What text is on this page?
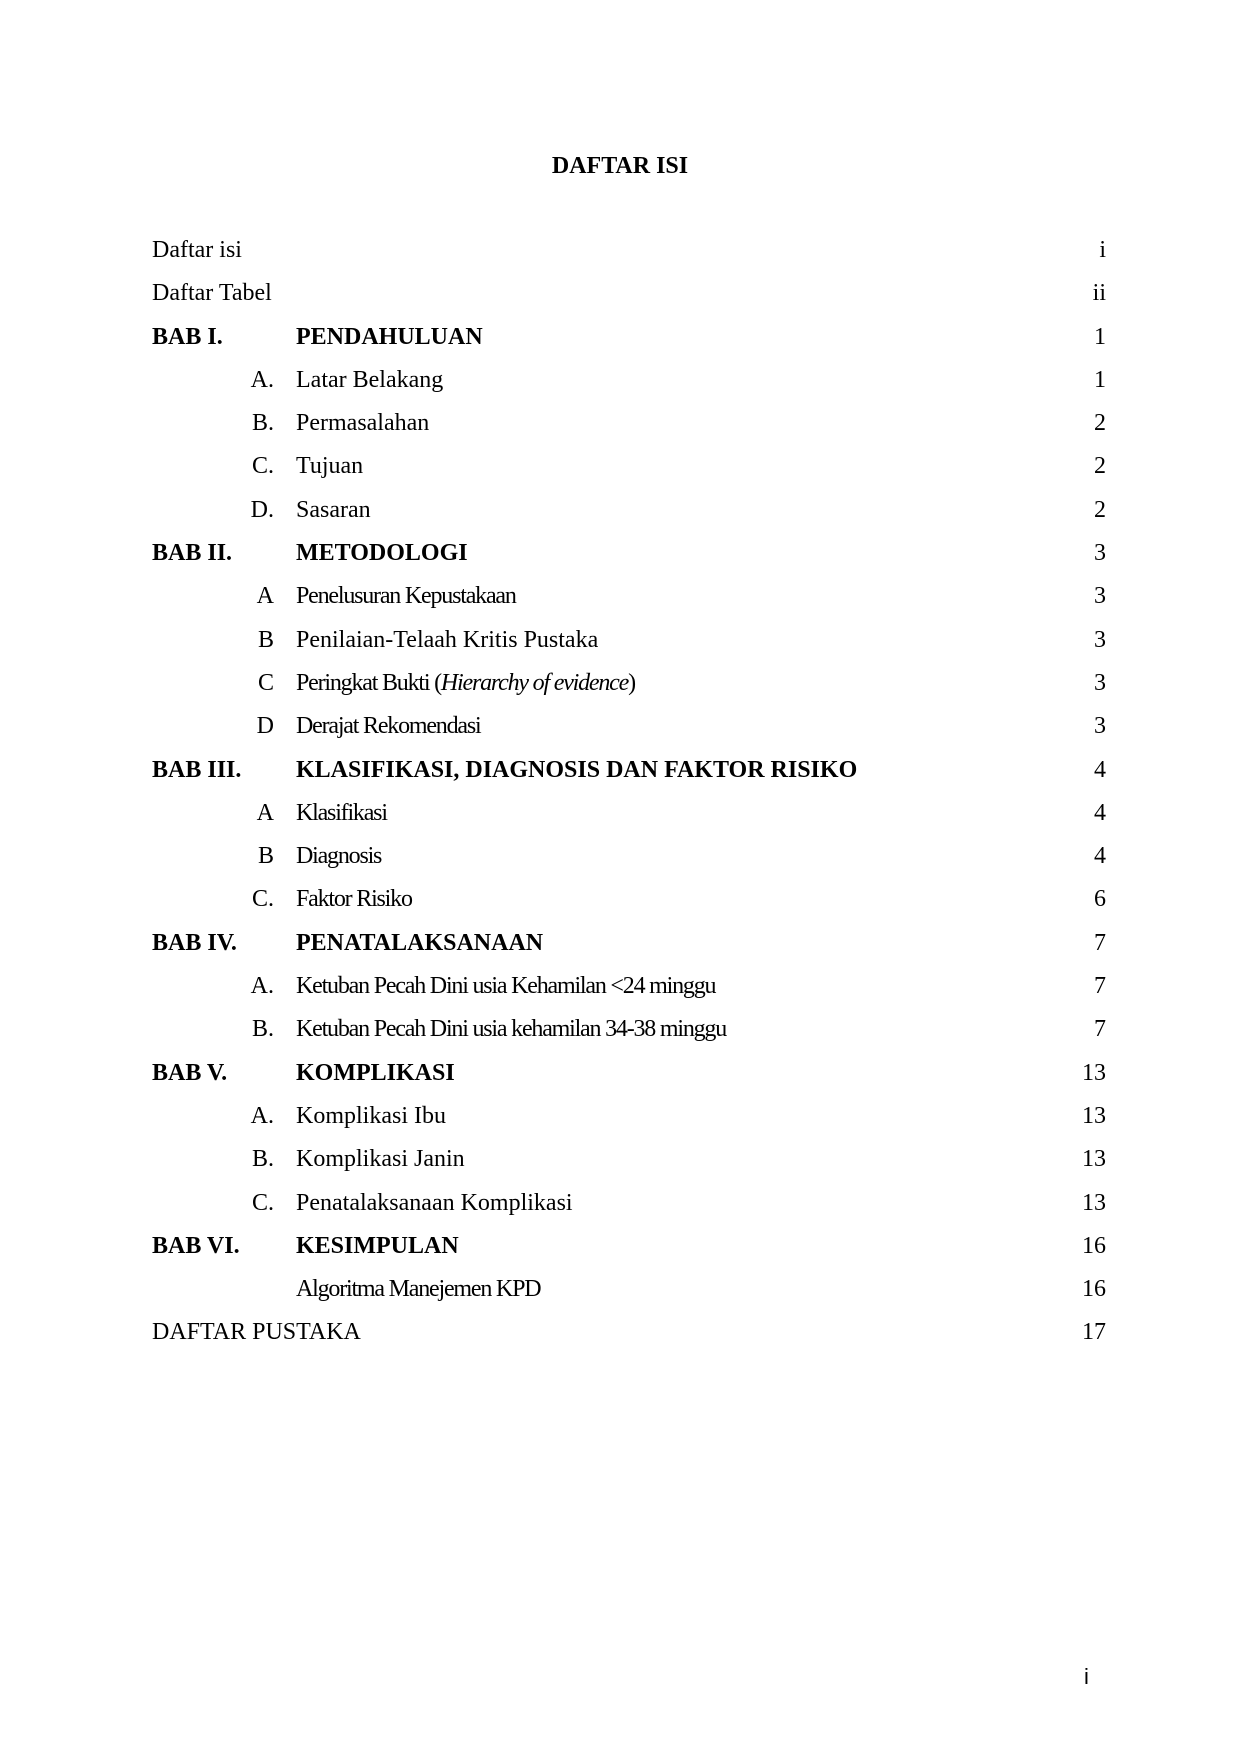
DAFTAR ISI
Daftar isi	i
Daftar Tabel	ii
BAB I.	PENDAHULUAN	1
A. Latar Belakang	1
B. Permasalahan	2
C. Tujuan	2
D. Sasaran	2
BAB II.	METODOLOGI	3
A Penelusuran Kepustakaan	3
B Penilaian-Telaah Kritis Pustaka	3
C Peringkat Bukti (Hierarchy of evidence)	3
D Derajat Rekomendasi	3
BAB III. KLASIFIKASI, DIAGNOSIS DAN FAKTOR RISIKO	4
A Klasifikasi	4
B Diagnosis	4
C. Faktor Risiko	6
BAB IV. PENATALAKSANAAN	7
A. Ketuban Pecah Dini usia Kehamilan <24 minggu	7
B. Ketuban Pecah Dini usia kehamilan 34-38 minggu	7
BAB V.	KOMPLIKASI	13
A. Komplikasi Ibu	13
B. Komplikasi Janin	13
C. Penatalaksanaan Komplikasi	13
BAB VI. KESIMPULAN	16
Algoritma Manejemen KPD	16
DAFTAR PUSTAKA	17
i
